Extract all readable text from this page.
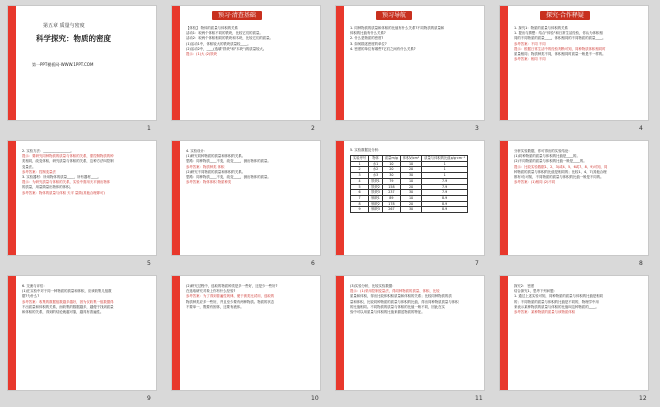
第五章 质量与密度
科学探究：物质的密度
第一PPT模板网-WWW.1PPT.COM
1
预习·清查基础
【体验】 物体的质量与体积的关系
活动1：取两个体积不同的铁块，比较它们的质量。
活动2：取两个体积相同的铁块和木块，比较它们的质量。
(1)活动1中，体积较大的铁块质量较____。
(2)活动2中，____(选填"铁块"和"木块")的质量较大。
提示：(1)大 (2)铁块
2
预习导航
1. 同种物质的质量和体积的比值有什么关系?不同物质的质量和
体积的比值有什么关系?
2. 什么是物质的密度?
3. 如何描述密度的单位?
4. 密度的单位有哪些?它们之间有什么关系?
3
探究·合作释疑
1. 探究1：物质的质量与体积的关系
1. 提出与猜想：结合"体验"和日常生活经验，你认为体积相
同的不同物质的质量____，体积相同的不同物质的质量____。
参考答案：不同 不同
提示：根据日常生活中的经验判断可知，同种物质体积相同时
质量相同；物质种类不同，体积相同时质量一般是不一样的。
参考答案：相同 不同
4
2. 实验方法：________________。
提示：要研究同种物质的质量与体积的关系，需控制物质的种
类相同，改变体积，研究质量与体积的关系，这种方法叫控制
变量法。
参考答案：控制变量法
3. 实验器材：所用物体的质量____，所有器材____。
提示：为研究质量与体积的关系，实验中需用天平测出物体
的质量，用量筒量出物体的体积。
参考答案：物体的质量与体积 天平 量筒(其他合理即可)
5
4. 实验设计：
(1)研究同种物质的质量和体积的关系。
思路：同种物质____不变，改变____，测出物体的质量。
参考答案：物质种类 体积
(2)研究不同物质的质量和体积的关系。
思路：同种物质____不变，改变____，测出物体的质量。
参考答案：物体体积 物质种类
6
5. 实验数据及分析：
实验序号	物体	质量m/g	体积V/cm³	质量与体积的比值ρ/g·cm⁻³
1	水1	10	10	1
2	水2	20	20	1
3	水3	30	30	1
4	铁块1	79	10	7.9
5	铁块2	158	20	7.9
6	铁块3	237	30	7.9
7	铜块1	89	10	8.9
8	铜块2	178	20	8.9
9	铜块3	267	30	8.9
7
分析实验数据，你可得出的实验结论：
(1)同种物质的质量与体积的比值是____的。
(2)不同物质的质量与体积的比值一般是____的。
提示：比较实验数据1、2、3(或4、5、6或7、8、9)可知，同
种物质的质量与体积的比值是相同的；比较1、4、7(其他合理
都有可)可知，不同物质的质量与体积的比值一般是不同的。
参考答案：(1)相同 (2)不同
8
6. 交流与评估：
(1)在实验中对于同一种物质的质量和体积，应该收集几组数
据?为什么?
参考答案：收集的数据组数越多越好，因为仅收集一组数据得
不出质量和体积的关系，而收集的数据越多，越便于找到质量
和体积的关系，得到的结论就越可靠，越具有普遍性。
9
(2)研究过程中，选取的物质种类是多一些好，还是少一些好?
在选取研究对象上你有什么经验?
参考答案：为了得到普遍性规律，便于被类比试用，选取的
物质种类应多一些好，并且至少要有两种物质。物质的状态
不要单一，既要有固体，还要有液体。
10
(3)实验分析，比较实验数据：
提示：(1)采用控制变量法，得同种物质的质量、体积、比较
质量和体积，得出比较体积积质量和体积的关系；比较同种物质的质
量和体积，比较同种物质的质量与体积的比值，得出同种物质质量与体积
的比值相同。不同物质的质量与体积的比值一般不同，因此在实
验中可以用质量与体积的比值来描述物质的特征。
11
探究2： 密度
结合探究1，思考下列问题：
1. 通过上述实验可知，同种物质的质量与体积的比值是相同
的；不同物质的质量与体积的比值是不同的，物理学中用
来表示某种物质的质量与体积的比值叫这种物质的____。
参考答案：某种物质的质量与该物质体积
12
